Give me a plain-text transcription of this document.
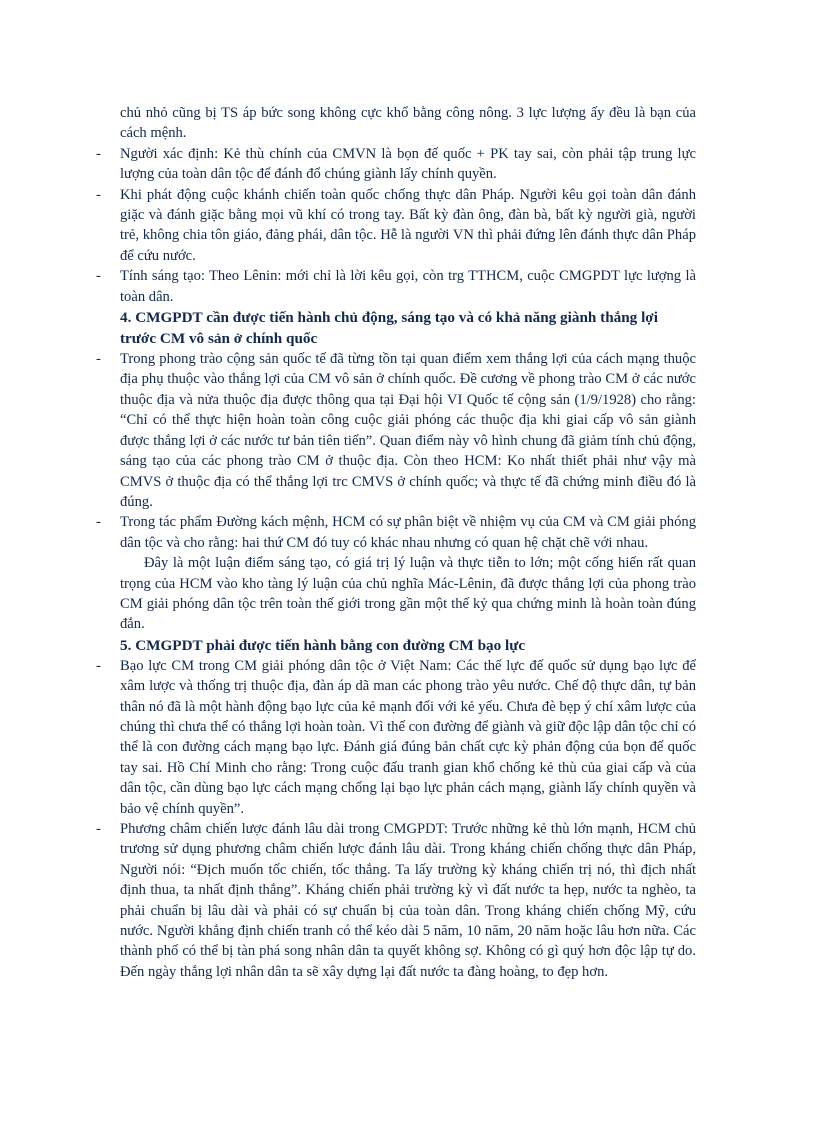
chủ nhỏ cũng bị TS áp bức song không cực khổ bằng công nông. 3 lực lượng ấy đều là bạn của cách mệnh.

-	Người xác định: Kẻ thù chính của CMVN là bọn đế quốc + PK tay sai, còn phải tập trung lực lượng của toàn dân tộc để đánh đổ chúng giành lấy chính quyền.
-	Khi phát động cuộc khánh chiến toàn quốc chống thực dân Pháp. Người kêu gọi toàn dân đánh giặc và đánh giặc bằng mọi vũ khí có trong tay. Bất kỳ đàn ông, đàn bà, bất kỳ người già, người trẻ, không chia tôn giáo, đảng phái, dân tộc. Hễ là người VN thì phải đứng lên đánh thực dân Pháp để cứu nước.
-	Tính sáng tạo: Theo Lênin: mới chỉ là lời kêu gọi, còn trg TTHCM, cuộc CMGPDT lực lượng là toàn dân.

4. CMGPDT cần được tiến hành chủ động, sáng tạo và có khả năng giành thắng lợi trước CM vô sản ở chính quốc

-	Trong phong trào cộng sản quốc tế đã từng tồn tại quan điểm xem thắng lợi của cách mạng thuộc địa phụ thuộc vào thắng lợi của CM vô sản ở chính quốc. Đề cương về phong trào CM ở các nước thuộc địa và nửa thuộc địa được thông qua tại Đại hội VI Quốc tế cộng sản (1/9/1928) cho rằng: “Chỉ có thể thực hiện hoàn toàn công cuộc giải phóng các thuộc địa khi giai cấp vô sản giành được thắng lợi ở các nước tư bản tiên tiến”. Quan điểm này vô hình chung đã giảm tính chủ động, sáng tạo của các phong trào CM ở thuộc địa. Còn theo HCM: Ko nhất thiết phải như vậy mà CMVS ở thuộc địa có thể thắng lợi trc CMVS ở chính quốc; và thực tế đã chứng minh điều đó là đúng.
-	Trong tác phẩm Đường kách mệnh, HCM có sự phân biệt về nhiệm vụ của CM và CM giải phóng dân tộc và cho rằng: hai thứ CM đó tuy có khác nhau nhưng có quan hệ chặt chẽ với nhau.

Đây là một luận điểm sáng tạo, có giá trị lý luận và thực tiễn to lớn; một cống hiến rất quan trọng của HCM vào kho tàng lý luận của chủ nghĩa Mác-Lênin, đã được thắng lợi của phong trào CM giải phóng dân tộc trên toàn thế giới trong gần một thế kỷ qua chứng minh là hoàn toàn đúng đắn.

5. CMGPDT phải được tiến hành bằng con đường CM bạo lực

-	Bạo lực CM trong CM giải phóng dân tộc ở Việt Nam: Các thế lực đế quốc sử dụng bạo lực để xâm lược và thống trị thuộc địa, đàn áp dã man các phong trào yêu nước. Chế độ thực dân, tự bản thân nó đã là một hành động bạo lực của kẻ mạnh đối với kẻ yếu. Chưa đè bẹp ý chí xâm lược của chúng thì chưa thể có thắng lợi hoàn toàn. Vì thế con đường để giành và giữ độc lập dân tộc chỉ có thể là con đường cách mạng bạo lực. Đánh giá đúng bản chất cực kỳ phản động của bọn đế quốc tay sai. Hồ Chí Minh cho rằng: Trong cuộc đấu tranh gian khổ chống kẻ thù của giai cấp và của dân tộc, cần dùng bạo lực cách mạng chống lại bạo lực phản cách mạng, giành lấy chính quyền và bảo vệ chính quyền”.
-	Phương châm chiến lược đánh lâu dài trong CMGPDT: Trước những kẻ thù lớn mạnh, HCM chủ trương sử dụng phương châm chiến lược đánh lâu dài. Trong kháng chiến chống thực dân Pháp, Người nói: “Địch muốn tốc chiến, tốc thắng. Ta lấy trường kỳ kháng chiến trị nó, thì địch nhất định thua, ta nhất định thắng”. Kháng chiến phải trường kỳ vì đất nước ta hẹp, nước ta nghèo, ta phải chuẩn bị lâu dài và phải có sự chuẩn bị của toàn dân. Trong kháng chiến chống Mỹ, cứu nước. Người khẳng định chiến tranh có thể kéo dài 5 năm, 10 năm, 20 năm hoặc lâu hơn nữa. Các thành phố có thể bị tàn phá song nhân dân ta quyết không sợ. Không có gì quý hơn độc lập tự do. Đến ngày thắng lợi nhân dân ta sẽ xây dựng lại đất nước ta đàng hoàng, to đẹp hơn.
